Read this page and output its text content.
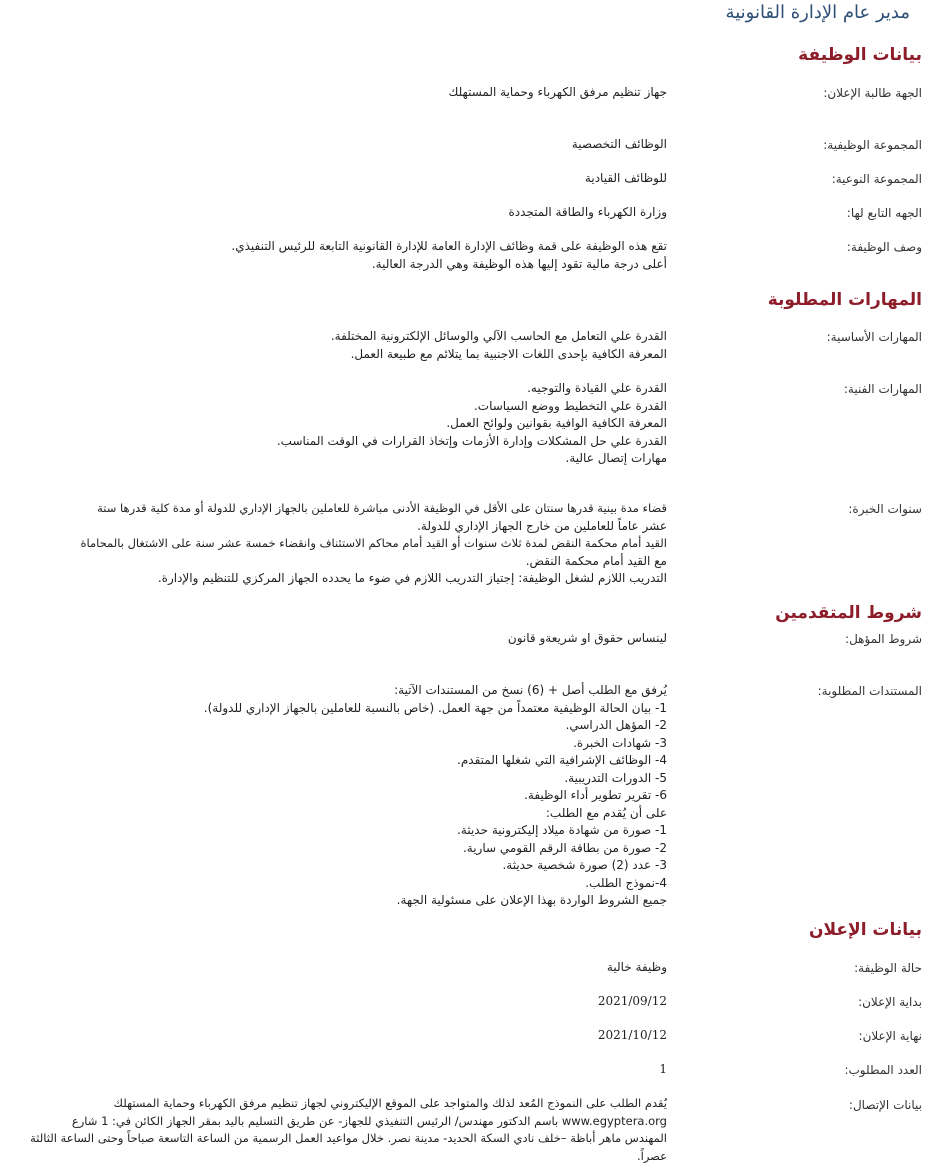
مدير عام الإدارة القانونية
بيانات الوظيفة
الجهة طالبة الإعلان:
جهاز تنظيم مرفق الكهرباء وحماية المستهلك
المجموعة الوظيفية:
الوظائف التخصصية
المجموعة النوعية:
للوظائف القيادية
الجهه التابع لها:
وزارة الكهرباء والطاقة المتجددة
وصف الوظيفة:
تقع هذه الوظيفة على قمة وظائف الإدارة العامة للإدارة القانونية التابعة للرئيس التنفيذي.
أعلى درجة مالية تقود إليها هذه الوظيفة وهي الدرجة العالية.
المهارات المطلوبة
المهارات الأساسية:
القدرة علي التعامل مع الحاسب الآلي والوسائل الإلكترونية المختلفة.
المعرفة الكافية بإحدى اللغات الاجنبية بما يتلائم مع طبيعة العمل.
المهارات الفنية:
القدرة علي القيادة والتوجيه.
القدرة علي التخطيط ووضع السياسات.
المعرفة الكافية الوافية بقوانين ولوائح العمل.
القدرة علي حل المشكلات وإدارة الأزمات وإتخاذ القرارات في الوقت المناسب.
مهارات إتصال عالية.
سنوات الخبرة:
قضاء مدة بينية قدرها سنتان على الأقل في الوظيفة الأدنى مباشرة للعاملين بالجهاز الإداري للدولة أو مدة كلية قدرها ستة
عشر عاماً للعاملين من خارج الجهاز الإداري للدولة.
القيد أمام محكمة النقض لمدة ثلاث سنوات أو القيد أمام محاكم الاستئناف وانقضاء خمسة عشر سنة على الاشتغال بالمحاماة
مع القيد أمام محكمة النقض.
التدريب اللازم لشغل الوظيفة: إجتياز التدريب اللازم في ضوء ما يحدده الجهاز المركزي للتنظيم والإدارة.
شروط المتقدمين
شروط المؤهل:
لينساس حقوق او شريعةو قانون
المستندات المطلوبة:
يُرفق مع الطلب أصل + (6) نسخ من المستندات الآتية:
1- بيان الحالة الوظيفية معتمداً من جهة العمل. (خاص بالنسبة للعاملين بالجهاز الإداري للدولة).
2- المؤهل الدراسي.
3- شهادات الخبرة.
4- الوظائف الإشرافية التي شغلها المتقدم.
5- الدورات التدريبية.
6- تقرير تطوير أداء الوظيفة.
على أن يُقدم مع الطلب:
1- صورة من شهادة ميلاد إليكترونية حديثة.
2- صورة من بطاقة الرقم القومي سارية.
3- عدد (2) صورة شخصية حديثة.
4-نموذج الطلب.
جميع الشروط الواردة بهذا الإعلان على مسئولية الجهة.
بيانات الإعلان
حالة الوظيفة:
وظيفة خالية
بداية الإعلان:
2021/09/12
نهاية الإعلان:
2021/10/12
العدد المطلوب:
1
بيانات الإتصال:
يُقدم الطلب على النموذج المُعد لذلك والمتواجد على الموقع الإليكتروني لجهاز تنظيم مرفق الكهرباء وحماية المستهلك www.egyptera.org باسم الدكتور مهندس/ الرئيس التنفيذي للجهاز- عن طريق التسليم باليد بمقر الجهاز الكائن في: 1 شارع المهندس ماهر أباظة –خلف نادي السكة الحديد- مدينة نصر. خلال مواعيد العمل الرسمية من الساعة التاسعة صباحاً وحتى الساعة الثالثة عصراً.
